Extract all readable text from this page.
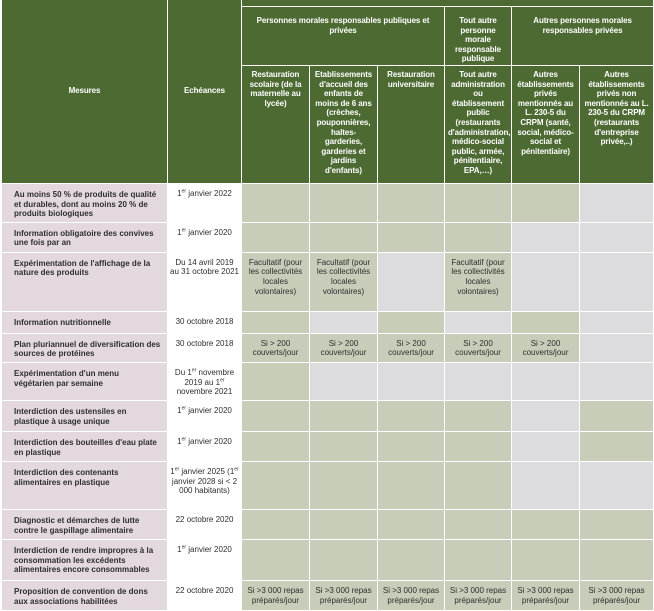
Mesures	Echéances						
		Personnes morales responsables publiques et privées			Tout autre personne morale responsable publique	Autres personnes morales responsables privées	
		Restauration scolaire (de la maternelle au lycée)	Etablissements d'accueil des enfants de moins de 6 ans (crèches, pouponnières, haltes-garderies, garderies et jardins d'enfants)	Restauration universitaire	Tout autre administration ou établissement public (restaurants d'administration, médico-social public, armée, pénitentiaire, EPA,…)	Autres établissements privés mentionnés au L. 230-5 du CRPM (santé, social, médico-social et pénitentiaire)	Autres établissements privés non mentionnés au L. 230-5 du CRPM (restaurants d'entreprise privée,..)
Au moins 50 % de produits de qualité et durables, dont au moins 20 % de produits biologiques	1er janvier 2022						
Information obligatoire des convives une fois par an	1er janvier 2020						
Expérimentation de l'affichage de la nature des produits	Du 14 avril 2019 au 31 octobre 2021	Facultatif (pour les collectivités locales volontaires)	Facultatif (pour les collectivités locales volontaires)		Facultatif (pour les collectivités locales volontaires)		
Information nutritionnelle	30 octobre 2018						
Plan pluriannuel de diversification des sources de protéines	30 octobre 2018	Si > 200 couverts/jour	Si > 200 couverts/jour	Si > 200 couverts/jour	Si > 200 couverts/jour	Si > 200 couverts/jour	
Expérimentation d'un menu végétarien par semaine	Du 1er novembre 2019 au 1er novembre 2021						
Interdiction des ustensiles en plastique à usage unique	1er janvier 2020						
Interdiction des bouteilles d'eau plate en plastique	1er janvier 2020						
Interdiction des contenants alimentaires en plastique	1er janvier 2025 (1er janvier 2028 si < 2 000 habitants)						
Diagnostic et démarches de lutte contre le gaspillage alimentaire	22 octobre 2020						
Interdiction de rendre impropres à la consommation les excédents alimentaires encore consommables	1er janvier 2020						
Proposition de convention de dons aux associations habilitées	22 octobre 2020	Si >3 000 repas préparés/jour	Si >3 000 repas préparés/jour	Si >3 000 repas préparés/jour	Si >3 000 repas préparés/jour	Si >3 000 repas préparés/jour	Si >3 000 repas préparés/jour
